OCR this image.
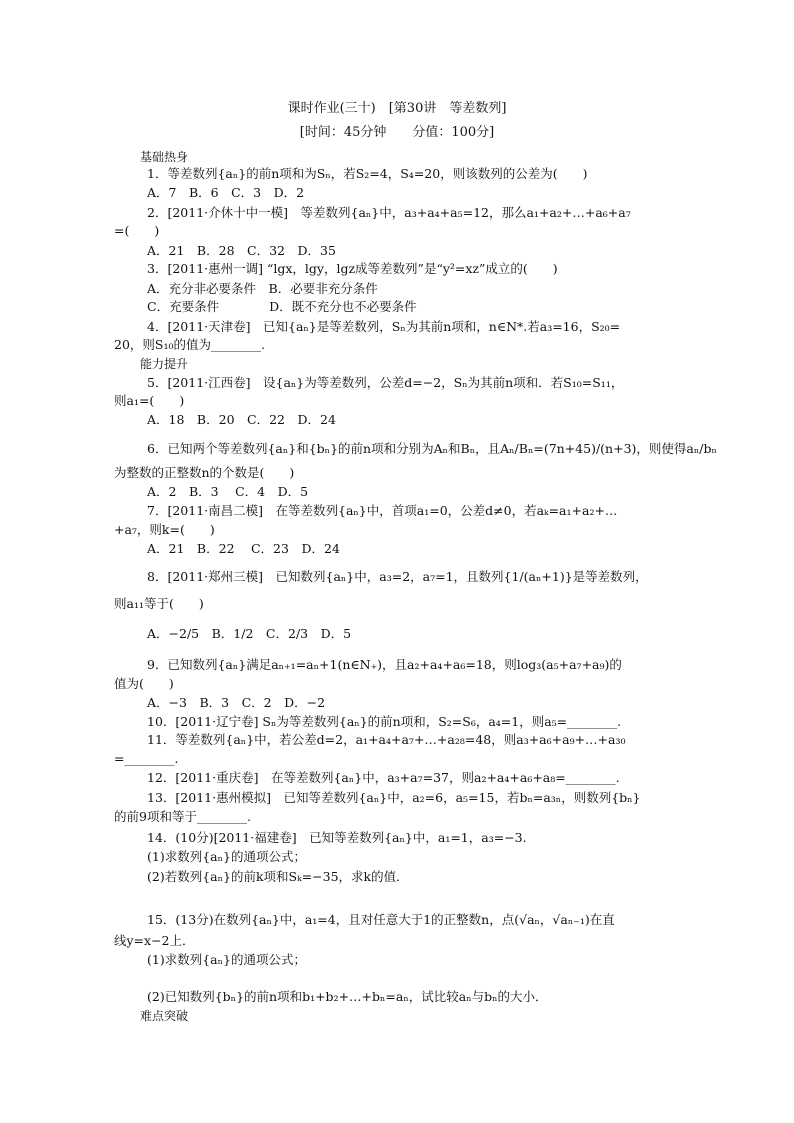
课时作业(三十)　[第30讲　等差数列]
[时间：45分钟　　分值：100分]
基础热身
1．等差数列{aₙ}的前n项和为Sₙ，若S₂=4，S₄=20，则该数列的公差为(　　)
A．7　B．6　C．3　D．2
2．[2011·介休十中一模]　等差数列{aₙ}中，a₃+a₄+a₅=12，那么a₁+a₂+…+a₆+a₇
=(　　)
A．21　B．28　C．32　D．35
3．[2011·惠州一调] “lgx，lgy，lgz成等差数列”是“y²=xz”成立的(　　)
A．充分非必要条件　B．必要非充分条件
C．充要条件　　　　D．既不充分也不必要条件
4．[2011·天津卷]　已知{aₙ}是等差数列，Sₙ为其前n项和，n∈N*.若a₃=16，S₂₀=
20，则S₁₀的值为________.
能力提升
5．[2011·江西卷]　设{aₙ}为等差数列，公差d=−2，Sₙ为其前n项和．若S₁₀=S₁₁，
则a₁=(　　)
A．18　B．20　C．22　D．24
6．已知两个等差数列{aₙ}和{bₙ}的前n项和分别为Aₙ和Bₙ，且Aₙ/Bₙ=(7n+45)/(n+3)，则使得aₙ/bₙ
为整数的正整数n的个数是(　　)
A．2　B．3　 C．4　D．5
7．[2011·南昌二模]　在等差数列{aₙ}中，首项a₁=0，公差d≠0，若aₖ=a₁+a₂+…
+a₇，则k=(　　)
A．21　B．22　 C．23　D．24
8．[2011·郑州三模]　已知数列{aₙ}中，a₃=2，a₇=1，且数列{1/(aₙ+1)}是等差数列，
则a₁₁等于(　　)
A．−2/5　B．1/2　C．2/3　D．5
9．已知数列{aₙ}满足aₙ₊₁=aₙ+1(n∈N₊)，且a₂+a₄+a₆=18，则log₃(a₅+a₇+a₉)的
值为(　　)
A．−3　B．3　C．2　D．−2
10．[2011·辽宁卷] Sₙ为等差数列{aₙ}的前n项和，S₂=S₆，a₄=1，则a₅=________.
11．等差数列{aₙ}中，若公差d=2，a₁+a₄+a₇+…+a₂₈=48，则a₃+a₆+a₉+…+a₃₀
=________.
12．[2011·重庆卷]　在等差数列{aₙ}中，a₃+a₇=37，则a₂+a₄+a₆+a₈=________.
13．[2011·惠州模拟]　已知等差数列{aₙ}中，a₂=6，a₅=15，若bₙ=a₃ₙ，则数列{bₙ}
的前9项和等于________.
14．(10分)[2011·福建卷]　已知等差数列{aₙ}中，a₁=1，a₃=−3.
(1)求数列{aₙ}的通项公式；
(2)若数列{aₙ}的前k项和Sₖ=−35，求k的值．
15．(13分)在数列{aₙ}中，a₁=4，且对任意大于1的正整数n，点(√aₙ，√aₙ₋₁)在直
线y=x−2上．
(1)求数列{aₙ}的通项公式；
(2)已知数列{bₙ}的前n项和b₁+b₂+…+bₙ=aₙ，试比较aₙ与bₙ的大小．
难点突破
